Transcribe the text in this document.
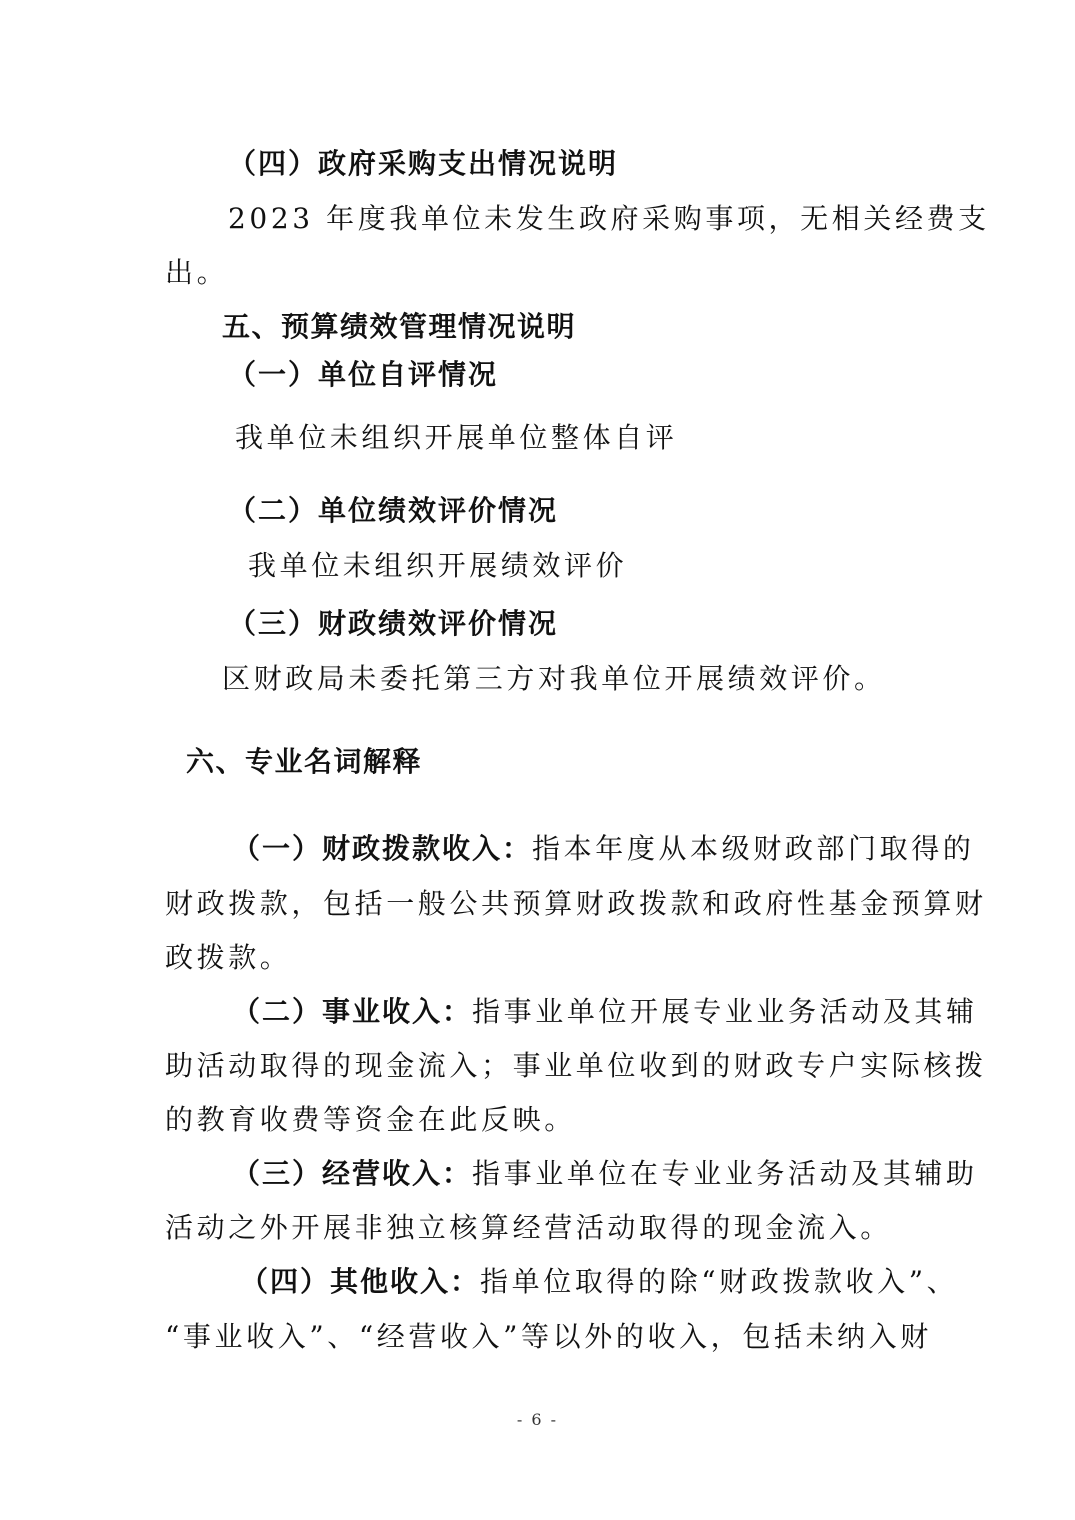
（四）政府采购支出情况说明
2023 年度我单位未发生政府采购事项，无相关经费支
出。
五、预算绩效管理情况说明
（一）单位自评情况
我单位未组织开展单位整体自评
（二）单位绩效评价情况
我单位未组织开展绩效评价
（三）财政绩效评价情况
区财政局未委托第三方对我单位开展绩效评价。
六、专业名词解释
（一）财政拨款收入：指本年度从本级财政部门取得的
财政拨款，包括一般公共预算财政拨款和政府性基金预算财
政拨款。
（二）事业收入：指事业单位开展专业业务活动及其辅
助活动取得的现金流入；事业单位收到的财政专户实际核拨
的教育收费等资金在此反映。
（三）经营收入：指事业单位在专业业务活动及其辅助
活动之外开展非独立核算经营活动取得的现金流入。
（四）其他收入：指单位取得的除“财政拨款收入”、
“事业收入”、“经营收入”等以外的收入，包括未纳入财
- 6 -
